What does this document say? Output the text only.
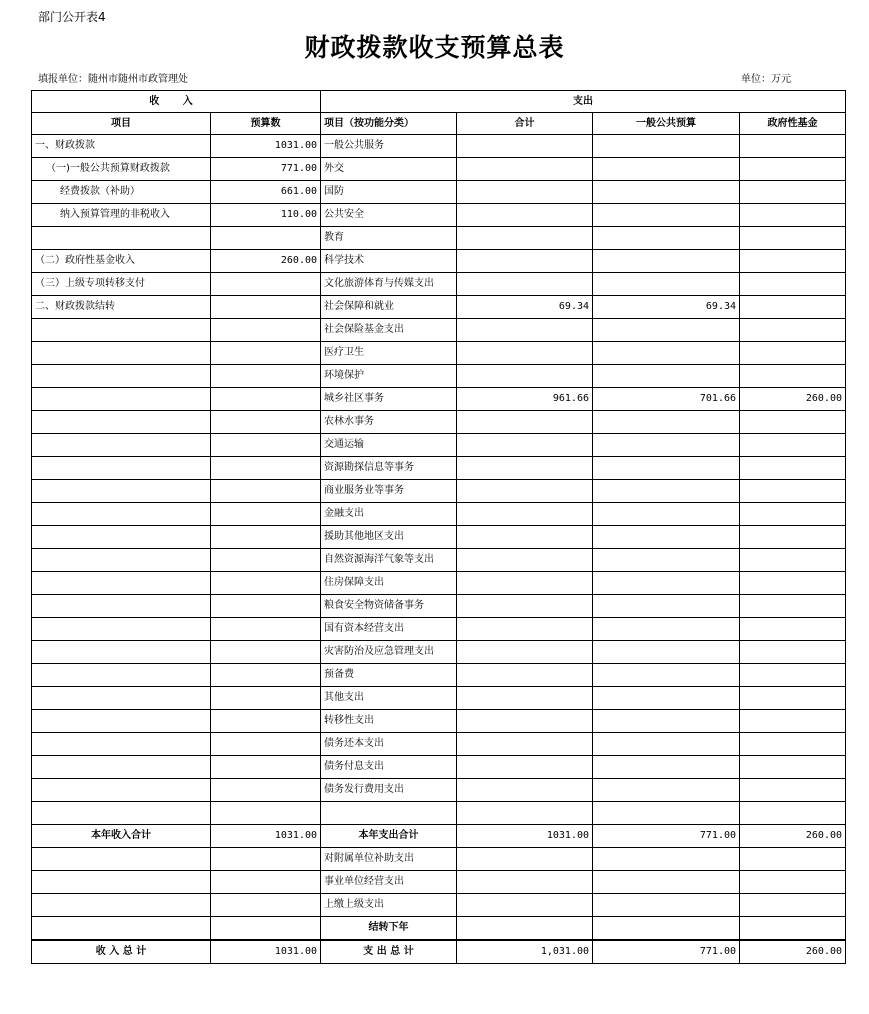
部门公开表4
财政拨款收支预算总表
填报单位：随州市随州市政管理处	单位：万元
收 入		支出			
项目	预算数	项目（按功能分类）	合计	一般公共预算	政府性基金
一、财政拨款	1031.00	一般公共服务			
（一)一般公共预算财政拨款	771.00	外交			
经费拨款（补助）	661.00	国防			
纳入预算管理的非税收入	110.00	公共安全			
		教育			
（二）政府性基金收入	260.00	科学技术			
（三）上级专项转移支付		文化旅游体育与传媒支出			
二、财政拨款结转		社会保障和就业	69.34	69.34	
		社会保险基金支出			
		医疗卫生			
		环境保护			
		城乡社区事务	961.66	701.66	260.00
		农林水事务			
		交通运输			
		资源勘探信息等事务			
		商业服务业等事务			
		金融支出			
		援助其他地区支出			
		自然资源海洋气象等支出			
		住房保障支出			
		粮食安全物资储备事务			
		国有资本经营支出			
		灾害防治及应急管理支出			
		预备费			
		其他支出			
		转移性支出			
		债务还本支出			
		债务付息支出			
		债务发行费用支出			

本年收入合计	1031.00	本年支出合计	1031.00	771.00	260.00
		对附属单位补助支出			
		事业单位经营支出			
		上缴上级支出			
		结转下年			
收 入 总 计	1031.00	支 出 总 计	1,031.00	771.00	260.00
